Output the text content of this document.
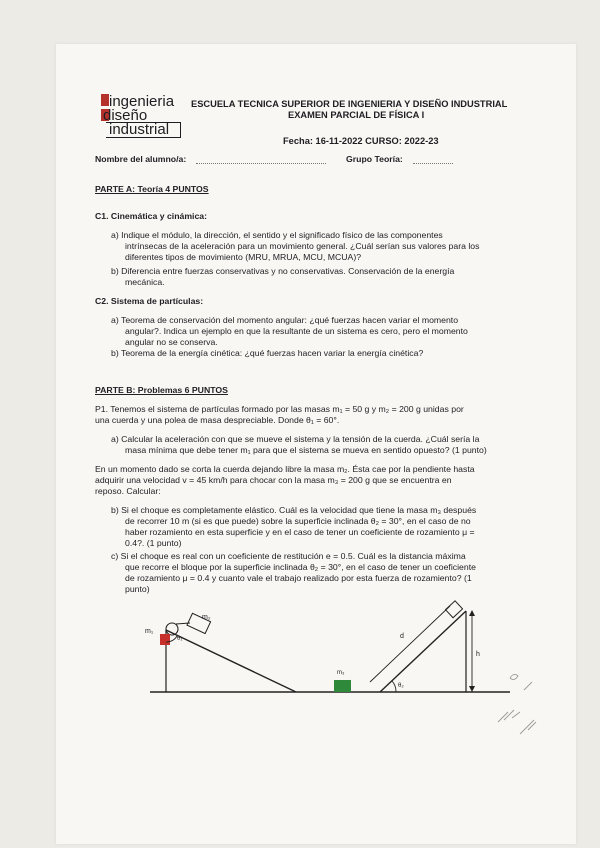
ingenieria
diseño
industrial
ESCUELA TECNICA SUPERIOR DE INGENIERIA Y DISEÑO INDUSTRIAL
EXAMEN PARCIAL DE FÍSICA I
Fecha: 16-11-2022 CURSO: 2022-23
Nombre del alumno/a:	Grupo Teoría:
PARTE A: Teoría 4 PUNTOS
C1. Cinemática y cinámica:
a) Indique el módulo, la dirección, el sentido y el significado físico de las componentes
intrínsecas de la aceleración para un movimiento general. ¿Cuál serían sus valores para los
diferentes tipos de movimiento (MRU, MRUA, MCU, MCUA)?
b) Diferencia entre fuerzas conservativas y no conservativas. Conservación de la energía
mecánica.
C2. Sistema de partículas:
a) Teorema de conservación del momento angular: ¿qué fuerzas hacen variar el momento
angular?. Indica un ejemplo en que la resultante de un sistema es cero, pero el momento
angular no se conserva.
b) Teorema de la energía cinética: ¿qué fuerzas hacen variar la energía cinética?
PARTE B: Problemas 6 PUNTOS
P1. Tenemos el sistema de partículas formado por las masas m₁ = 50 g y m₂ = 200 g unidas por
una cuerda y una polea de masa despreciable. Donde θ₁ = 60°.
a) Calcular la aceleración con que se mueve el sistema y la tensión de la cuerda. ¿Cuál sería la
masa mínima que debe tener m₁ para que el sistema se mueva en sentido opuesto? (1 punto)
En un momento dado se corta la cuerda dejando libre la masa m₂. Ésta cae por la pendiente hasta
adquirir una velocidad v = 45 km/h para chocar con la masa m₃ = 200 g que se encuentra en
reposo. Calcular:
b) Si el choque es completamente elástico. Cuál es la velocidad que tiene la masa m₃ después
de recorrer 10 m (si es que puede) sobre la superficie inclinada θ₂ = 30°, en el caso de no
haber rozamiento en esta superficie y en el caso de tener un coeficiente de rozamiento μ =
0.4?. (1 punto)
c) Si el choque es real con un coeficiente de restitución e = 0.5. Cuál es la distancia máxima
que recorre el bloque por la superficie inclinada θ₂ = 30°, en el caso de tener un coeficiente
de rozamiento μ = 0.4 y cuanto vale el trabajo realizado por esta fuerza de rozamiento? (1
punto)
m₁
m₂
θ₁
m₃
θ₂
h
d
